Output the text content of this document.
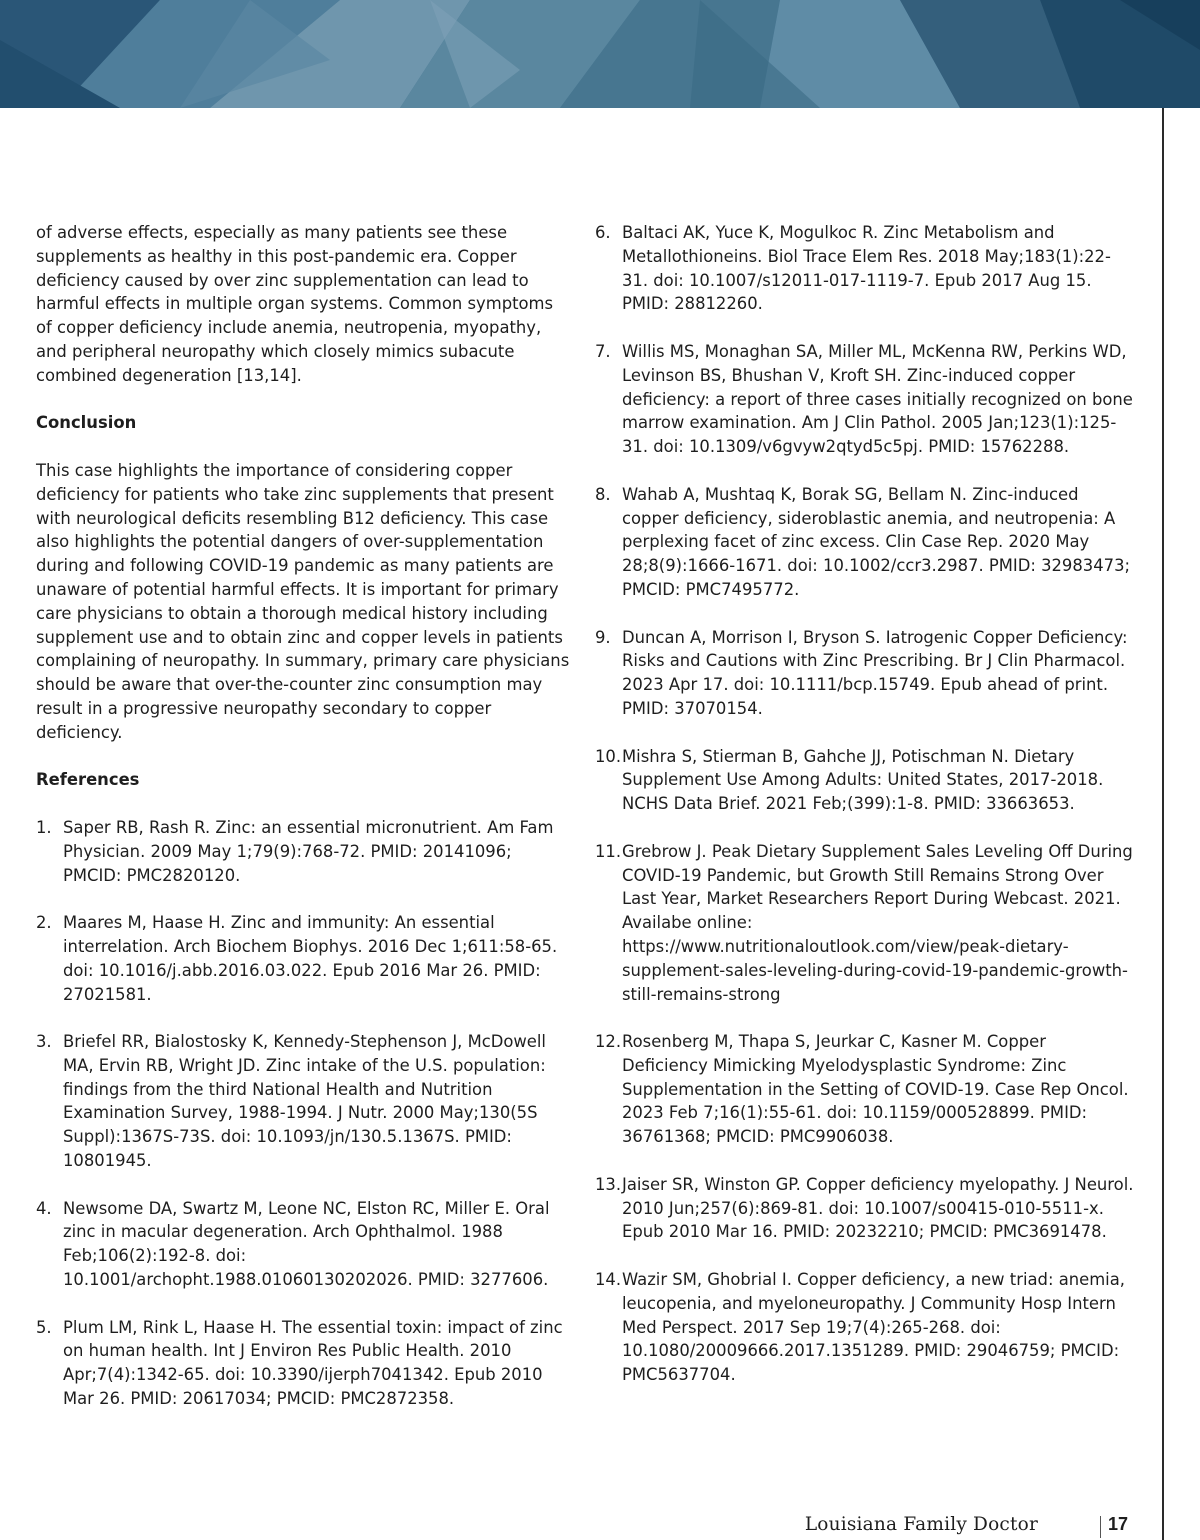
of adverse effects, especially as many patients see these supplements as healthy in this post-pandemic era. Copper deficiency caused by over zinc supplementation can lead to harmful effects in multiple organ systems. Common symptoms of copper deficiency include anemia, neutropenia, myopathy, and peripheral neuropathy which closely mimics subacute combined degeneration [13,14].

Conclusion

This case highlights the importance of considering copper deficiency for patients who take zinc supplements that present with neurological deficits resembling B12 deficiency. This case also highlights the potential dangers of over-supplementation during and following COVID-19 pandemic as many patients are unaware of potential harmful effects. It is important for primary care physicians to obtain a thorough medical history including supplement use and to obtain zinc and copper levels in patients complaining of neuropathy. In summary, primary care physicians should be aware that over-the-counter zinc consumption may result in a progressive neuropathy secondary to copper deficiency.

References
1. Saper RB, Rash R. Zinc: an essential micronutrient. Am Fam Physician. 2009 May 1;79(9):768-72. PMID: 20141096; PMCID: PMC2820120.
2. Maares M, Haase H. Zinc and immunity: An essential interrelation. Arch Biochem Biophys. 2016 Dec 1;611:58-65. doi: 10.1016/j.abb.2016.03.022. Epub 2016 Mar 26. PMID: 27021581.
3. Briefel RR, Bialostosky K, Kennedy-Stephenson J, McDowell MA, Ervin RB, Wright JD. Zinc intake of the U.S. population: findings from the third National Health and Nutrition Examination Survey, 1988-1994. J Nutr. 2000 May;130(5S Suppl):1367S-73S. doi: 10.1093/jn/130.5.1367S. PMID: 10801945.
4. Newsome DA, Swartz M, Leone NC, Elston RC, Miller E. Oral zinc in macular degeneration. Arch Ophthalmol. 1988 Feb;106(2):192-8. doi: 10.1001/archopht.1988.01060130202026. PMID: 3277606.
5. Plum LM, Rink L, Haase H. The essential toxin: impact of zinc on human health. Int J Environ Res Public Health. 2010 Apr;7(4):1342-65. doi: 10.3390/ijerph7041342. Epub 2010 Mar 26. PMID: 20617034; PMCID: PMC2872358.
6. Baltaci AK, Yuce K, Mogulkoc R. Zinc Metabolism and Metallothioneins. Biol Trace Elem Res. 2018 May;183(1):22-31. doi: 10.1007/s12011-017-1119-7. Epub 2017 Aug 15. PMID: 28812260.
7. Willis MS, Monaghan SA, Miller ML, McKenna RW, Perkins WD, Levinson BS, Bhushan V, Kroft SH. Zinc-induced copper deficiency: a report of three cases initially recognized on bone marrow examination. Am J Clin Pathol. 2005 Jan;123(1):125-31. doi: 10.1309/v6gvyw2qtyd5c5pj. PMID: 15762288.
8. Wahab A, Mushtaq K, Borak SG, Bellam N. Zinc-induced copper deficiency, sideroblastic anemia, and neutropenia: A perplexing facet of zinc excess. Clin Case Rep. 2020 May 28;8(9):1666-1671. doi: 10.1002/ccr3.2987. PMID: 32983473; PMCID: PMC7495772.
9. Duncan A, Morrison I, Bryson S. Iatrogenic Copper Deficiency: Risks and Cautions with Zinc Prescribing. Br J Clin Pharmacol. 2023 Apr 17. doi: 10.1111/bcp.15749. Epub ahead of print. PMID: 37070154.
10. Mishra S, Stierman B, Gahche JJ, Potischman N. Dietary Supplement Use Among Adults: United States, 2017-2018. NCHS Data Brief. 2021 Feb;(399):1-8. PMID: 33663653.
11. Grebrow J. Peak Dietary Supplement Sales Leveling Off During COVID-19 Pandemic, but Growth Still Remains Strong Over Last Year, Market Researchers Report During Webcast. 2021. Availabe online: https://www.nutritionaloutlook.com/view/peak-dietary-supplement-sales-leveling-during-covid-19-pandemic-growth-still-remains-strong
12. Rosenberg M, Thapa S, Jeurkar C, Kasner M. Copper Deficiency Mimicking Myelodysplastic Syndrome: Zinc Supplementation in the Setting of COVID-19. Case Rep Oncol. 2023 Feb 7;16(1):55-61. doi: 10.1159/000528899. PMID: 36761368; PMCID: PMC9906038.
13. Jaiser SR, Winston GP. Copper deficiency myelopathy. J Neurol. 2010 Jun;257(6):869-81. doi: 10.1007/s00415-010-5511-x. Epub 2010 Mar 16. PMID: 20232210; PMCID: PMC3691478.
14. Wazir SM, Ghobrial I. Copper deficiency, a new triad: anemia, leucopenia, and myeloneuropathy. J Community Hosp Intern Med Perspect. 2017 Sep 19;7(4):265-268. doi: 10.1080/20009666.2017.1351289. PMID: 29046759; PMCID: PMC5637704.
Louisiana Family Doctor	17
